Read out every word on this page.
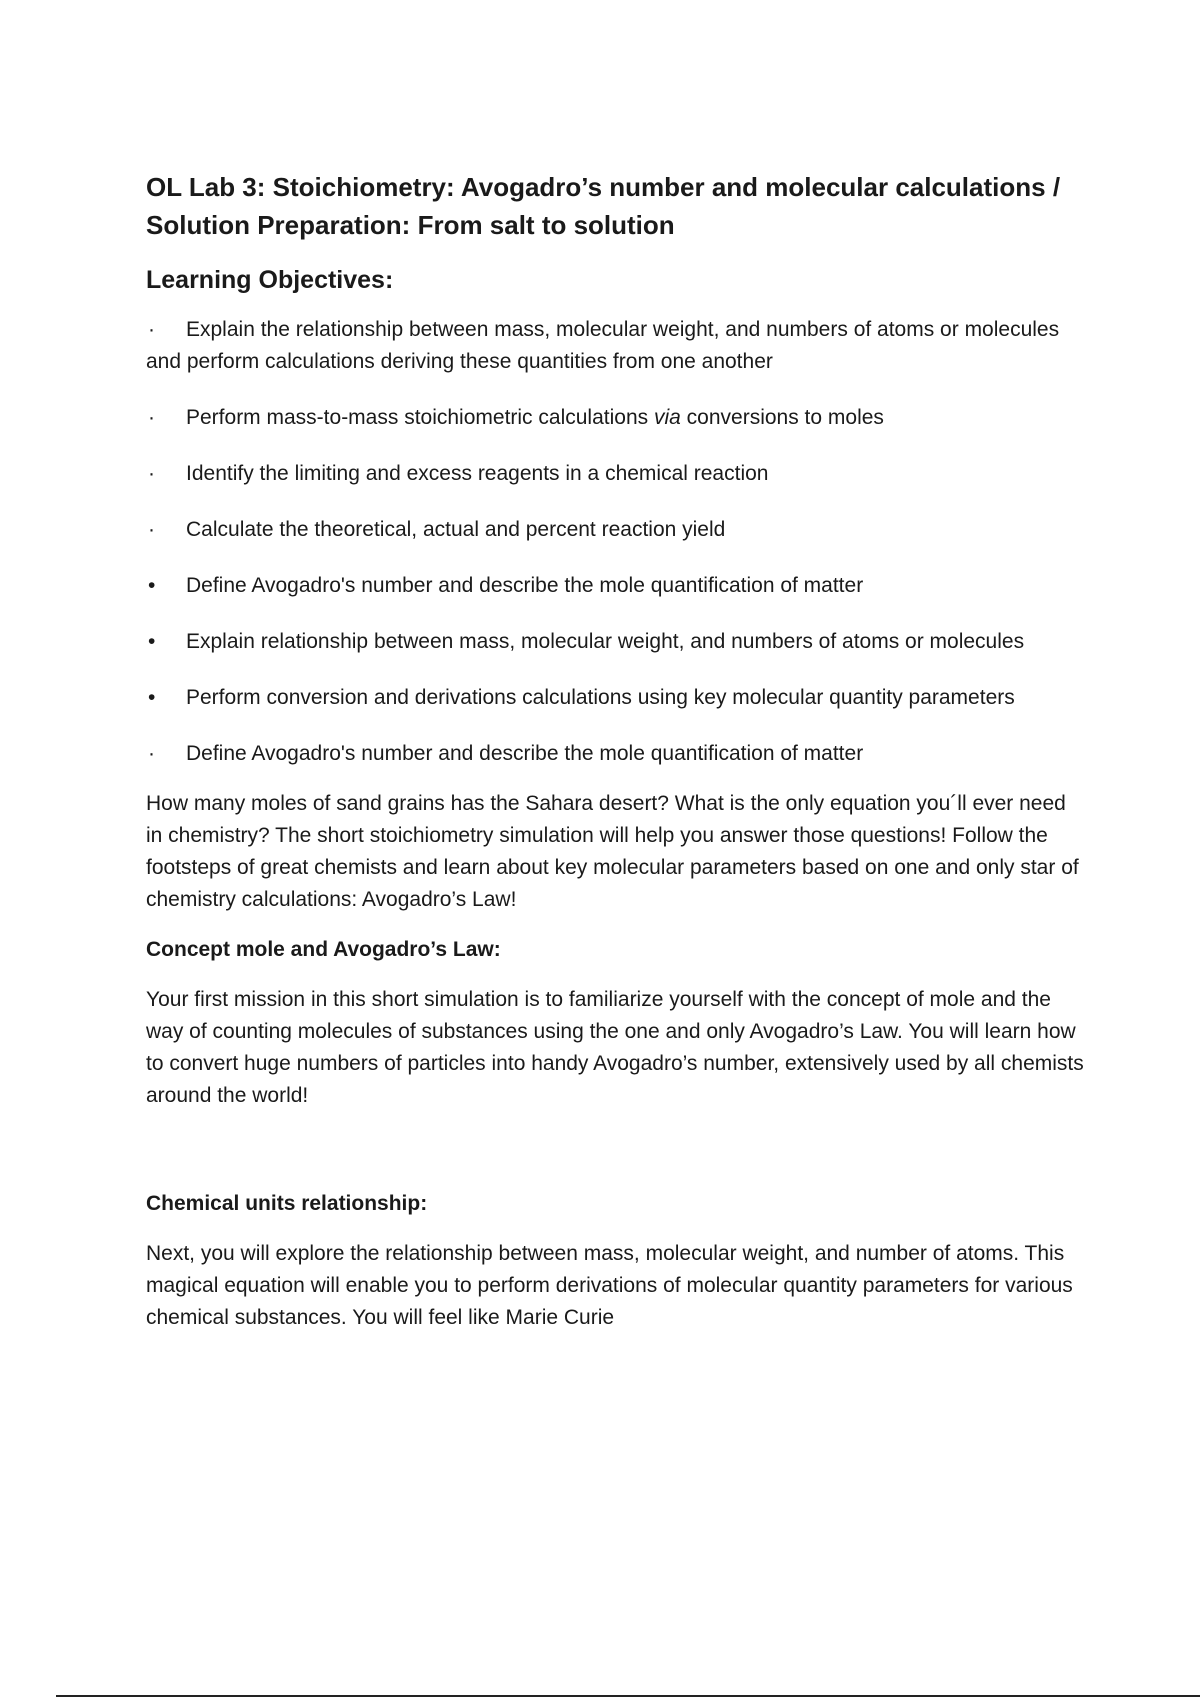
OL Lab 3: Stoichiometry: Avogadro’s number and molecular calculations / Solution Preparation: From salt to solution
Learning Objectives:
· Explain the relationship between mass, molecular weight, and numbers of atoms or molecules and perform calculations deriving these quantities from one another
· Perform mass-to-mass stoichiometric calculations via conversions to moles
· Identify the limiting and excess reagents in a chemical reaction
· Calculate the theoretical, actual and percent reaction yield
• Define Avogadro's number and describe the mole quantification of matter
• Explain relationship between mass, molecular weight, and numbers of atoms or molecules
• Perform conversion and derivations calculations using key molecular quantity parameters
· Define Avogadro's number and describe the mole quantification of matter

How many moles of sand grains has the Sahara desert? What is the only equation you´ll ever need in chemistry? The short stoichiometry simulation will help you answer those questions! Follow the footsteps of great chemists and learn about key molecular parameters based on one and only star of chemistry calculations: Avogadro’s Law!

Concept mole and Avogadro’s Law:

Your first mission in this short simulation is to familiarize yourself with the concept of mole and the way of counting molecules of substances using the one and only Avogadro’s Law. You will learn how to convert huge numbers of particles into handy Avogadro’s number, extensively used by all chemists around the world!

Chemical units relationship:

Next, you will explore the relationship between mass, molecular weight, and number of atoms. This magical equation will enable you to perform derivations of molecular quantity parameters for various chemical substances. You will feel like Marie Curie
